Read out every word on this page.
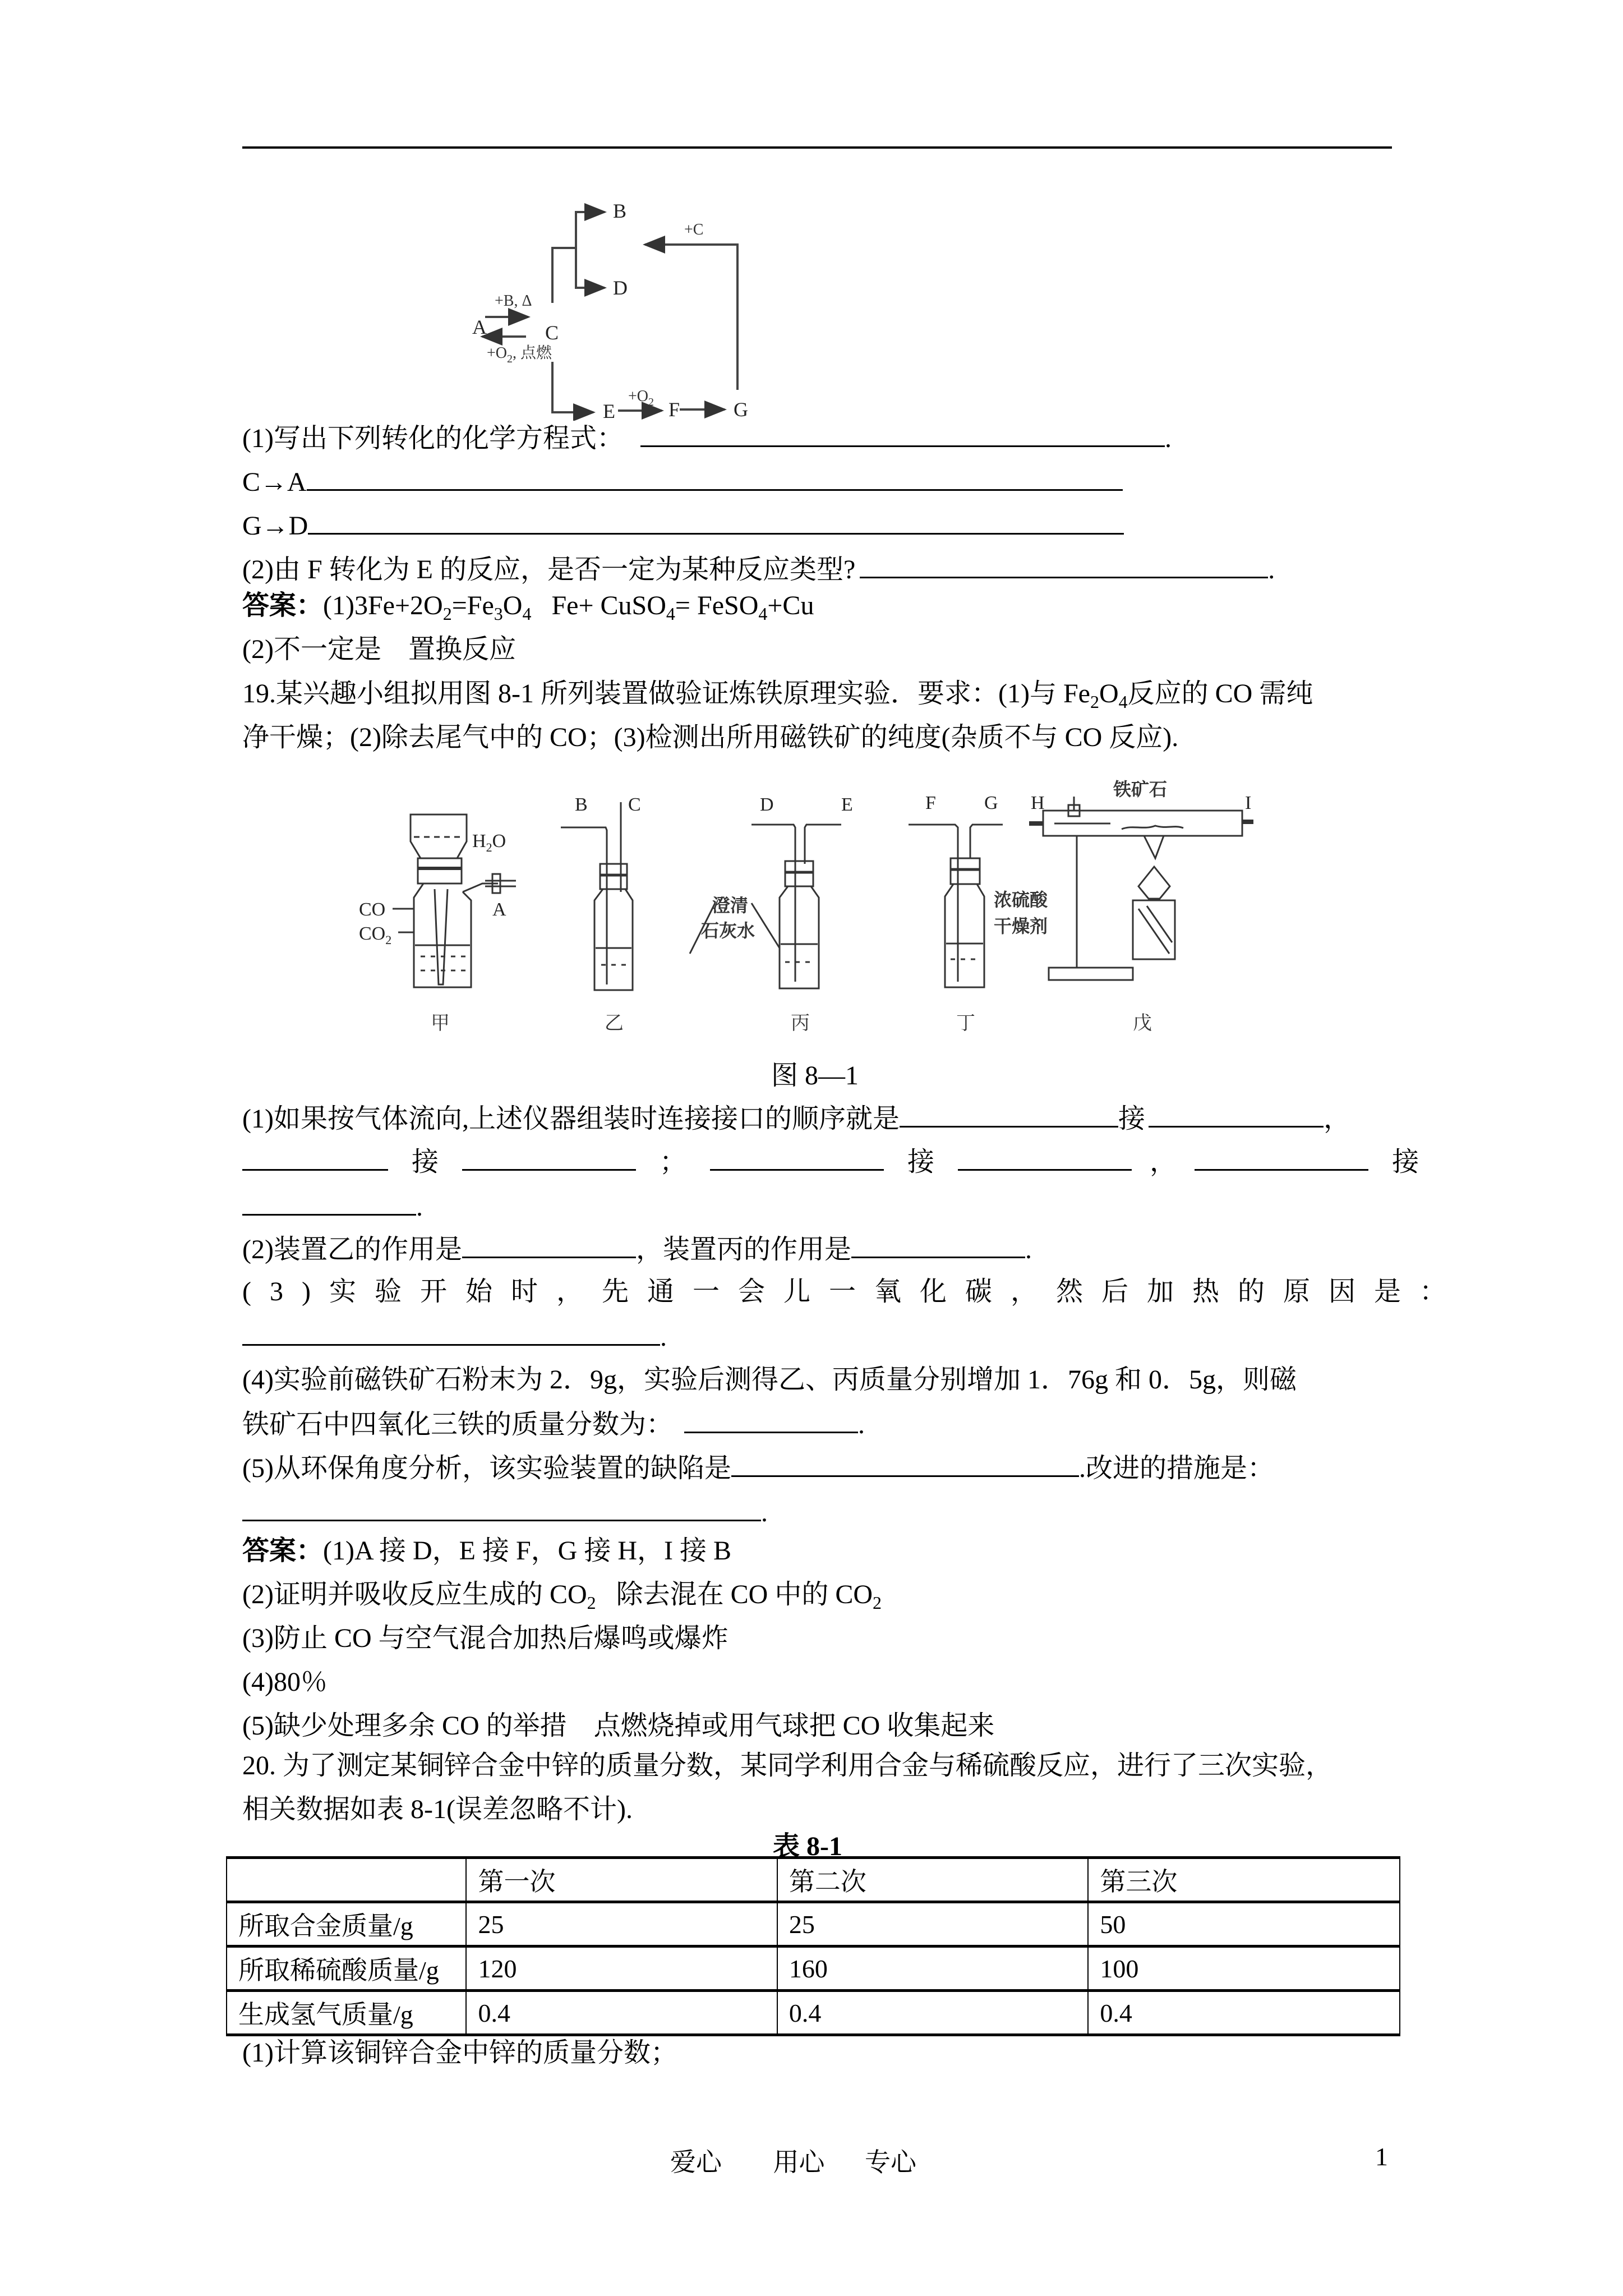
A
B
C
D
E	F	G
+B, Δ
$+O_2$, 点燃
$+O_2$
+C
(1)写出下列转化的化学方程式：	.
C→A
G→D
(2)由 F 转化为 E 的反应，是否一定为某种反应类型?	.
答案：$(1)3Fe+2O_2=Fe_3O_4$   Fe+ CuSO$_4$= FeSO$_4$+Cu
(2)不一定是    置换反应
19.某兴趣小组拟用图 8-1 所列装置做验证炼铁原理实验．要求：(1)与 $Fe_2O_4$反应的 CO 需纯
净干燥；(2)除去尾气中的 CO；(3)检测出所用磁铁矿的纯度(杂质不与 CO 反应).
CO
$CO_2$
$H_2O$
A
B C	D	E	F	G H	I
澄清
石灰水
浓硫酸
干燥剂
铁矿石
甲	乙	丙	丁	戊
图 8—1
(1)如果按气体流向,上述仪器组装时连接接口的顺序就是	接	，
接	；	接	，	接
.
(2)装置乙的作用是	，装置丙的作用是	.
(3)实验开始时，先通一会儿一氧化碳，然后加热的原因是：
.
(4)实验前磁铁矿石粉末为 2．9g，实验后测得乙、丙质量分别增加 1．76g 和 0．5g，则磁
铁矿石中四氧化三铁的质量分数为：	.
(5)从环保角度分析，该实验装置的缺陷是	.改进的措施是：
.
答案：(1)A 接 D，E 接 F，G 接 H，I 接 B
(2)证明并吸收反应生成的 $CO_2$   除去混在 CO 中的 $CO_2$
(3)防止 CO 与空气混合加热后爆鸣或爆炸
(4)80％
(5)缺少处理多余 CO 的举措    点燃烧掉或用气球把 CO 收集起来
20. 为了测定某铜锌合金中锌的质量分数，某同学利用合金与稀硫酸反应，进行了三次实验，
相关数据如表 8-1(误差忽略不计).
表 8-1
	第一次	第二次	第三次
所取合金质量/g	25	25	50
所取稀硫酸质量/g	120	160	100
生成氢气质量/g	0.4	0.4	0.4
(1)计算该铜锌合金中锌的质量分数；
爱心 用心 专心	1
